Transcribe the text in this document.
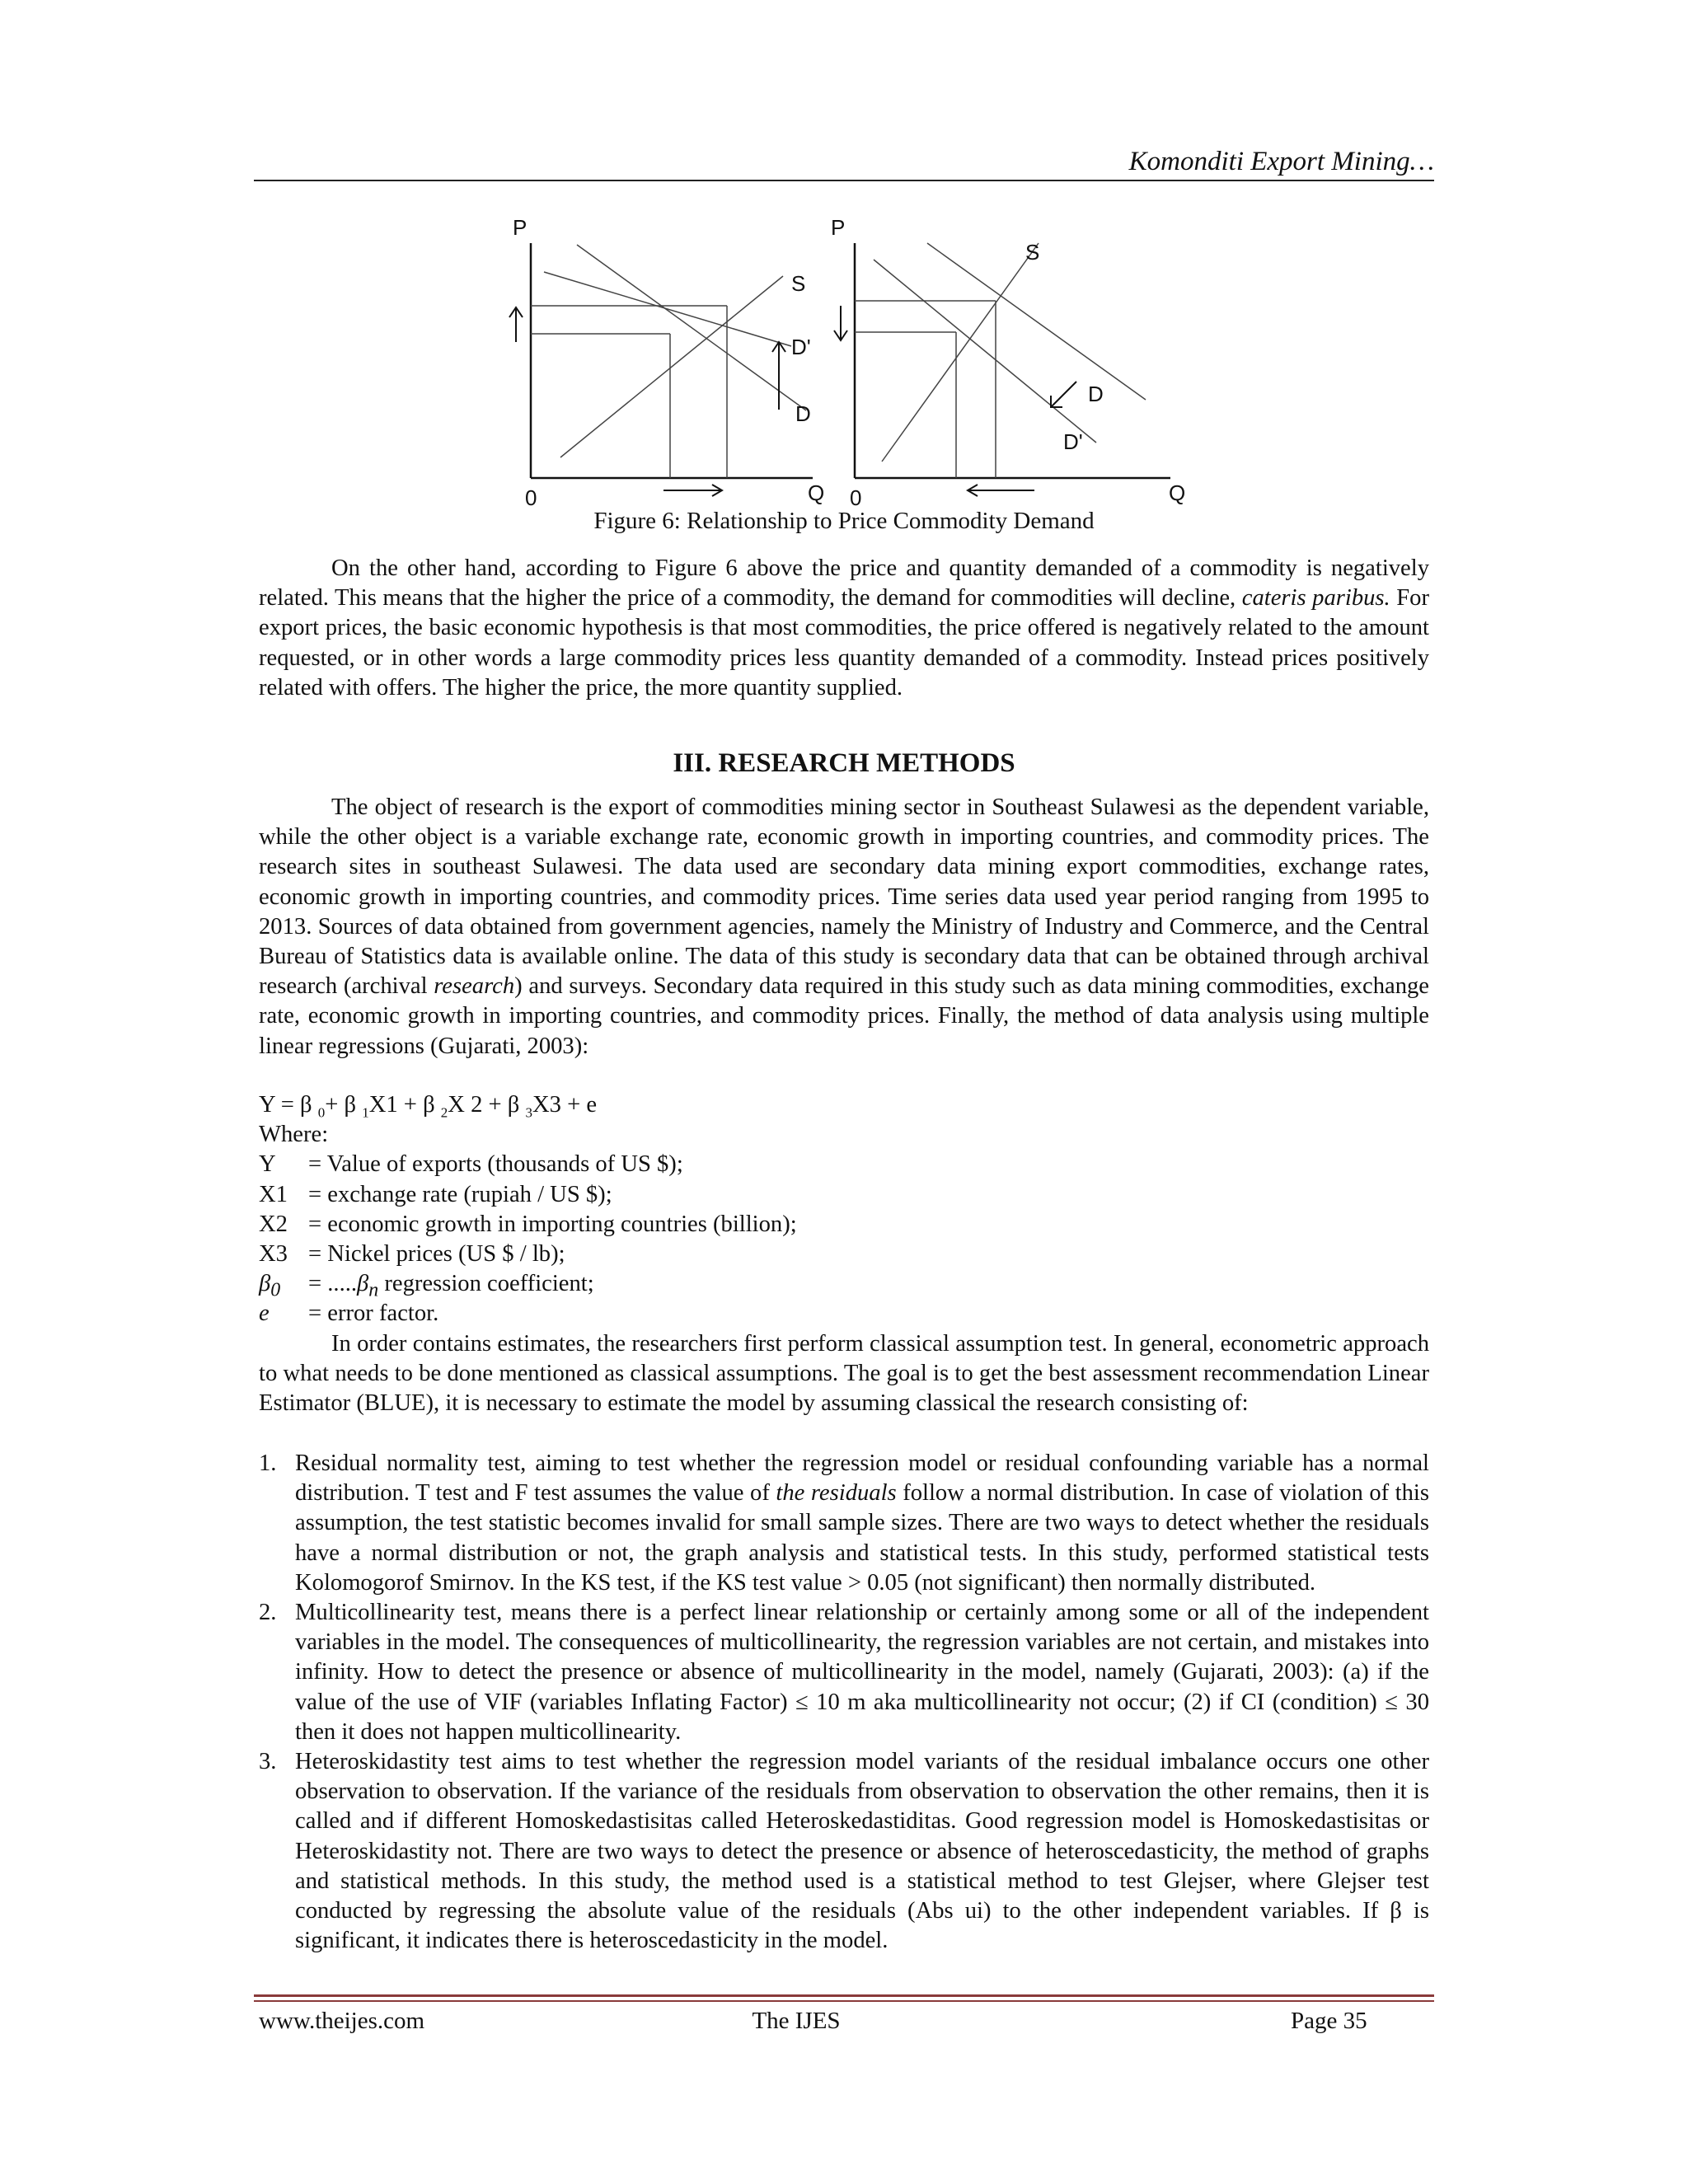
Komonditi Export Mining…
P
0	Q
S
D'
D
P
0	Q
S
D
D'
Figure 6: Relationship to Price Commodity Demand
On the other hand, according to Figure 6 above the price and quantity demanded of a commodity is negatively related. This means that the higher the price of a commodity, the demand for commodities will decline, cateris paribus. For export prices, the basic economic hypothesis is that most commodities, the price offered is negatively related to the amount requested, or in other words a large commodity prices less quantity demanded of a commodity. Instead prices positively related with offers. The higher the price, the more quantity supplied.
III. RESEARCH METHODS
The object of research is the export of commodities mining sector in Southeast Sulawesi as the dependent variable, while the other object is a variable exchange rate, economic growth in importing countries, and commodity prices. The research sites in southeast Sulawesi. The data used are secondary data mining export commodities, exchange rates, economic growth in importing countries, and commodity prices. Time series data used year period ranging from 1995 to 2013. Sources of data obtained from government agencies, namely the Ministry of Industry and Commerce, and the Central Bureau of Statistics data is available online. The data of this study is secondary data that can be obtained through archival research (archival research) and surveys. Secondary data required in this study such as data mining commodities, exchange rate, economic growth in importing countries, and commodity prices. Finally, the method of data analysis using multiple linear regressions (Gujarati, 2003):
Y = β $_0$+ β $_1$X1 + β $_2$X 2 + β $_3$X3 + e
Where:
Y	= Value of exports (thousands of US $);
X1 = exchange rate (rupiah / US $);
X2 = economic growth in importing countries (billion);
X3 = Nickel prices (US $ / lb);
$\beta_0$	= $.....\beta_n$ regression coefficient;
e	= error factor.
In order contains estimates, the researchers first perform classical assumption test. In general, econometric approach to what needs to be done mentioned as classical assumptions. The goal is to get the best assessment recommendation Linear Estimator (BLUE), it is necessary to estimate the model by assuming classical the research consisting of:
1. Residual normality test, aiming to test whether the regression model or residual confounding variable has a normal distribution. T test and F test assumes the value of the residuals follow a normal distribution. In case of violation of this assumption, the test statistic becomes invalid for small sample sizes. There are two ways to detect whether the residuals have a normal distribution or not, the graph analysis and statistical tests. In this study, performed statistical tests Kolomogorof Smirnov. In the KS test, if the KS test value > 0.05 (not significant) then normally distributed.
2. Multicollinearity test, means there is a perfect linear relationship or certainly among some or all of the independent variables in the model. The consequences of multicollinearity, the regression variables are not certain, and mistakes into infinity. How to detect the presence or absence of multicollinearity in the model, namely (Gujarati, 2003): (a) if the value of the use of VIF (variables Inflating Factor) ≤ 10 m aka multicollinearity not occur; (2) if CI (condition) ≤ 30 then it does not happen multicollinearity.
3. Heteroskidastity test aims to test whether the regression model variants of the residual imbalance occurs one other observation to observation. If the variance of the residuals from observation to observation the other remains, then it is called and if different Homoskedastisitas called Heteroskedastiditas. Good regression model is Homoskedastisitas or Heteroskidastity not. There are two ways to detect the presence or absence of heteroscedasticity, the method of graphs and statistical methods. In this study, the method used is a statistical method to test Glejser, where Glejser test conducted by regressing the absolute value of the residuals (Abs ui) to the other independent variables. If β is significant, it indicates there is heteroscedasticity in the model.
www.theijes.com	The IJES	Page 35
